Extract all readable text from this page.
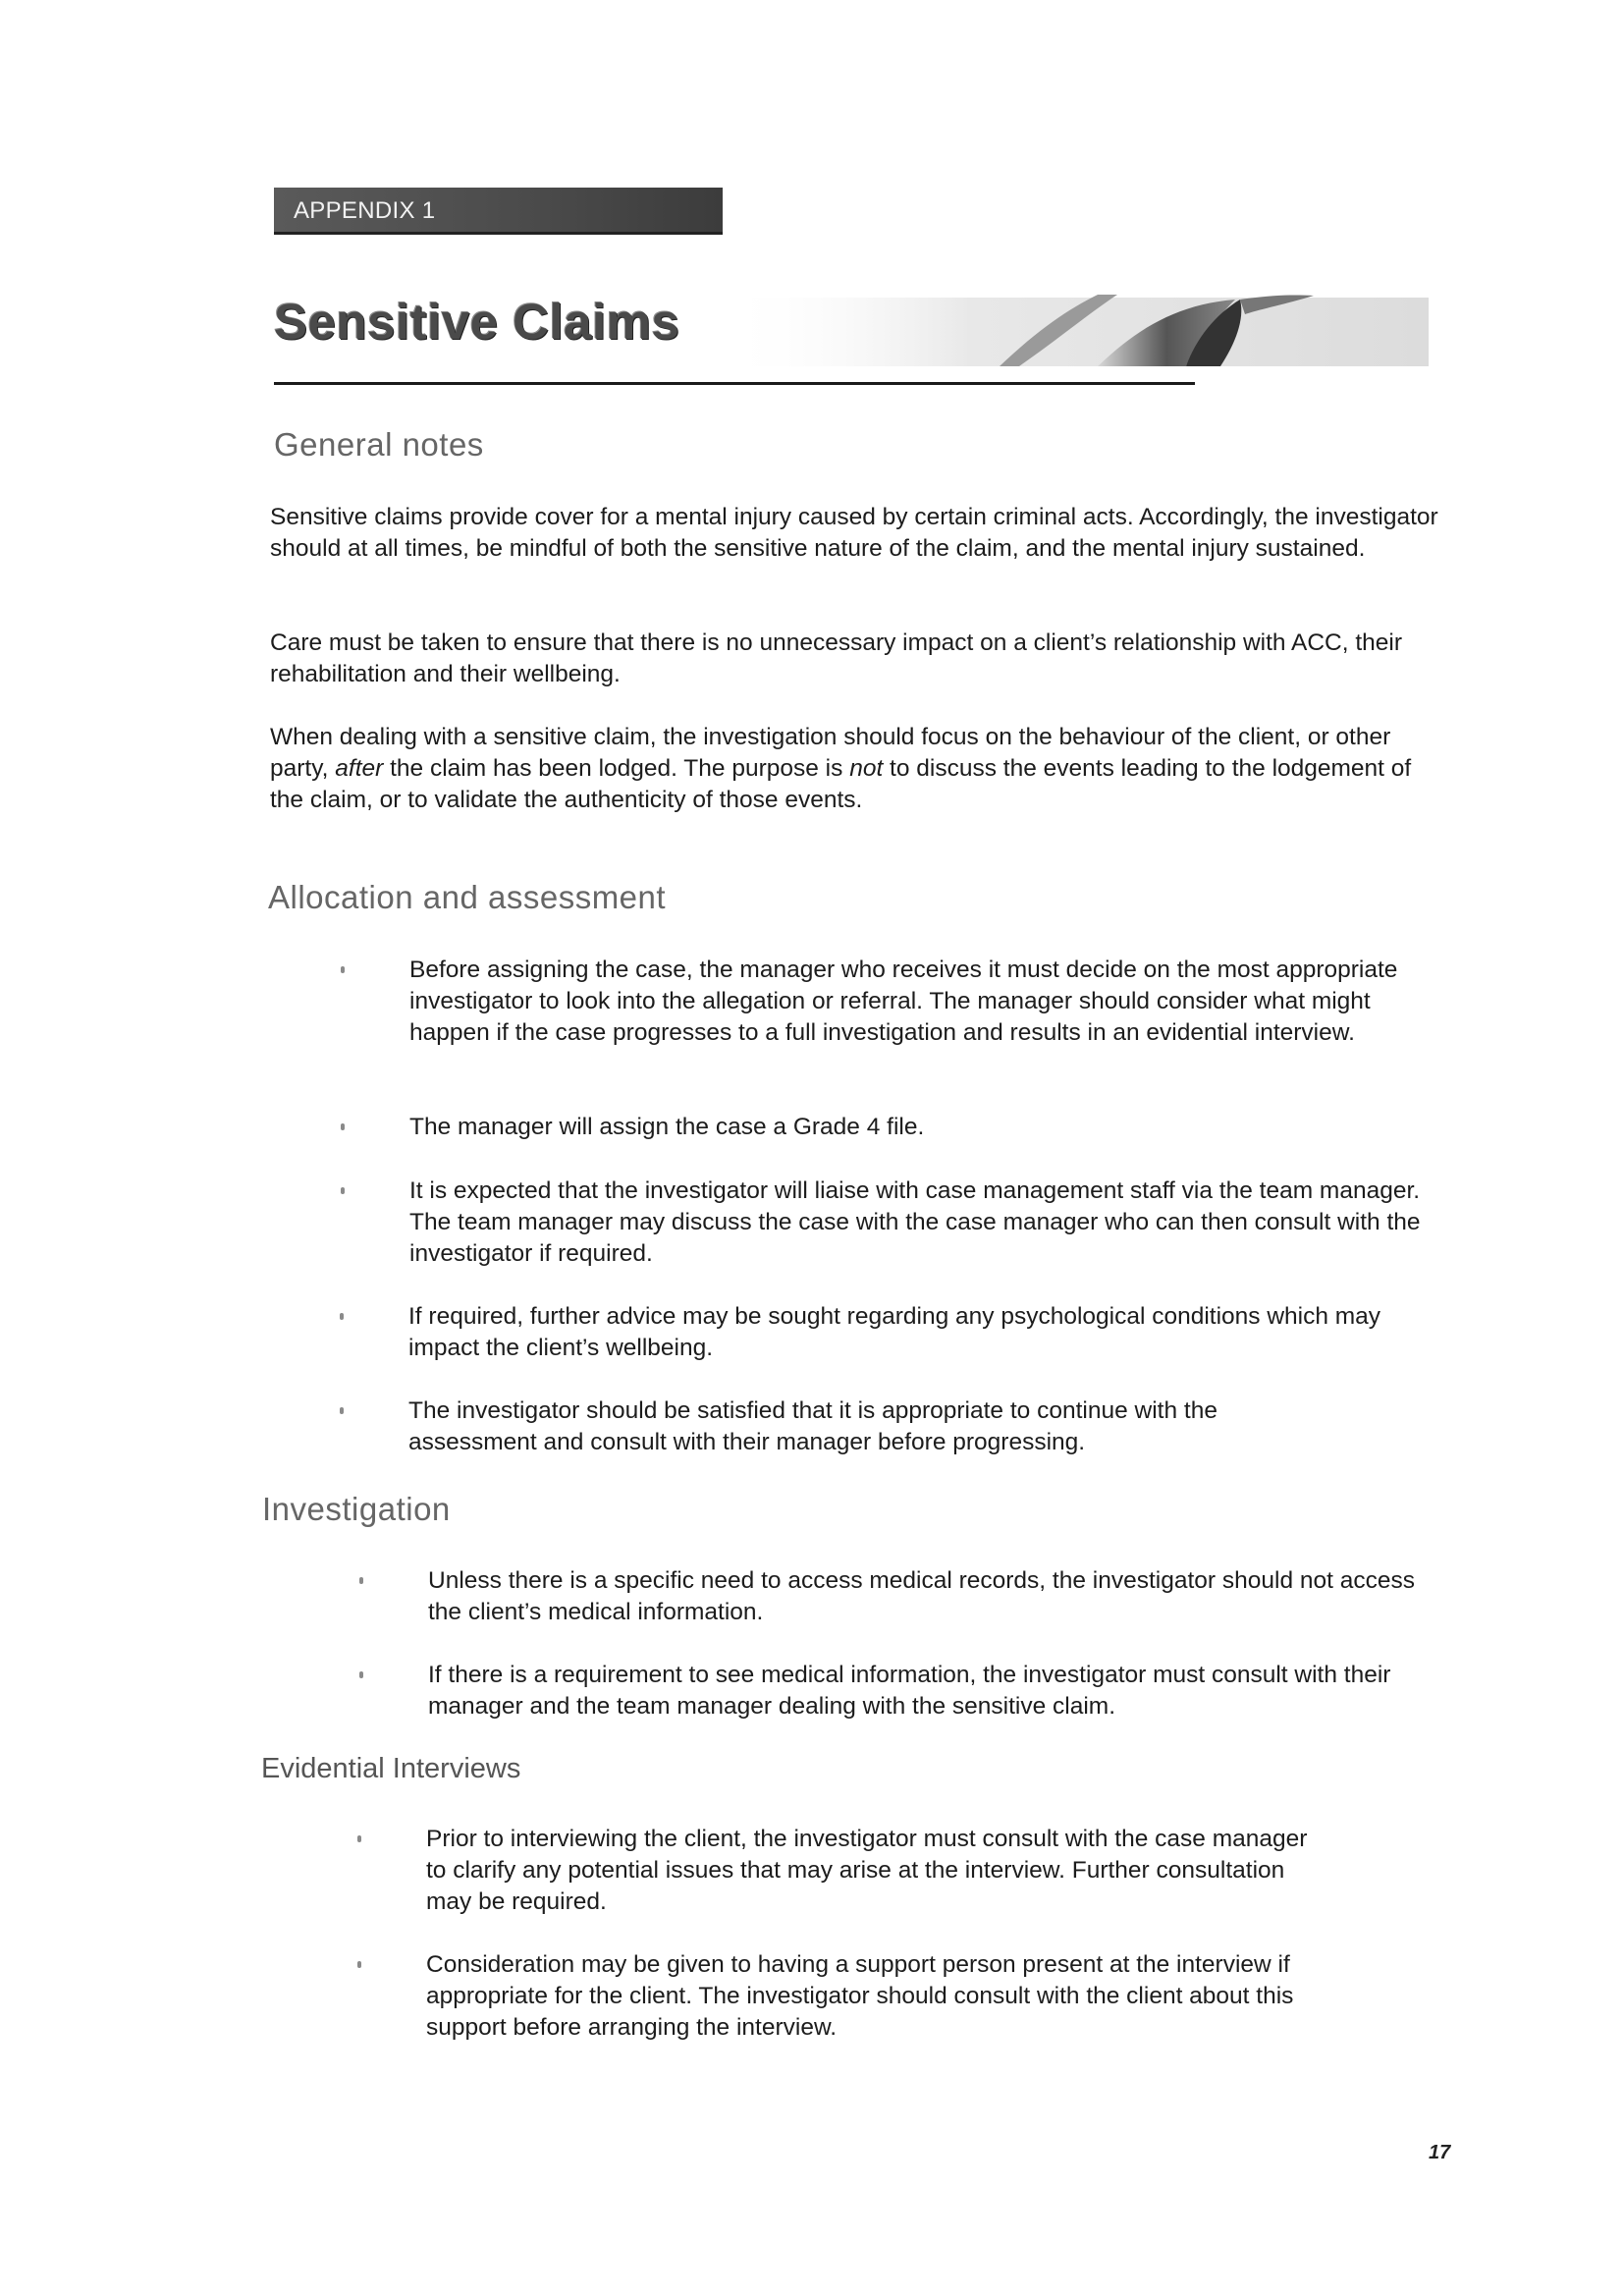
APPENDIX 1
Sensitive Claims
General notes
Sensitive claims provide cover for a mental injury caused by certain criminal acts. Accordingly, the investigator should at all times, be mindful of both the sensitive nature of the claim, and the mental injury sustained.
Care must be taken to ensure that there is no unnecessary impact on a client’s relationship with ACC, their rehabilitation and their wellbeing.
When dealing with a sensitive claim, the investigation should focus on the behaviour of the client, or other party, after the claim has been lodged. The purpose is not to discuss the events leading to the lodgement of the claim, or to validate the authenticity of those events.
Allocation and assessment
Before assigning the case, the manager who receives it must decide on the most appropriate investigator to look into the allegation or referral. The manager should consider what might happen if the case progresses to a full investigation and results in an evidential interview.
The manager will assign the case a Grade 4 file.
It is expected that the investigator will liaise with case management staff via the team manager. The team manager may discuss the case with the case manager who can then consult with the investigator if required.
If required, further advice may be sought regarding any psychological conditions which may impact the client’s wellbeing.
The investigator should be satisfied that it is appropriate to continue with the assessment and consult with their manager before progressing.
Investigation
Unless there is a specific need to access medical records, the investigator should not access the client’s medical information.
If there is a requirement to see medical information, the investigator must consult with their manager and the team manager dealing with the sensitive claim.
Evidential Interviews
Prior to interviewing the client, the investigator must consult with the case manager to clarify any potential issues that may arise at the interview. Further consultation may be required.
Consideration may be given to having a support person present at the interview if appropriate for the client. The investigator should consult with the client about this support before arranging the interview.
17
